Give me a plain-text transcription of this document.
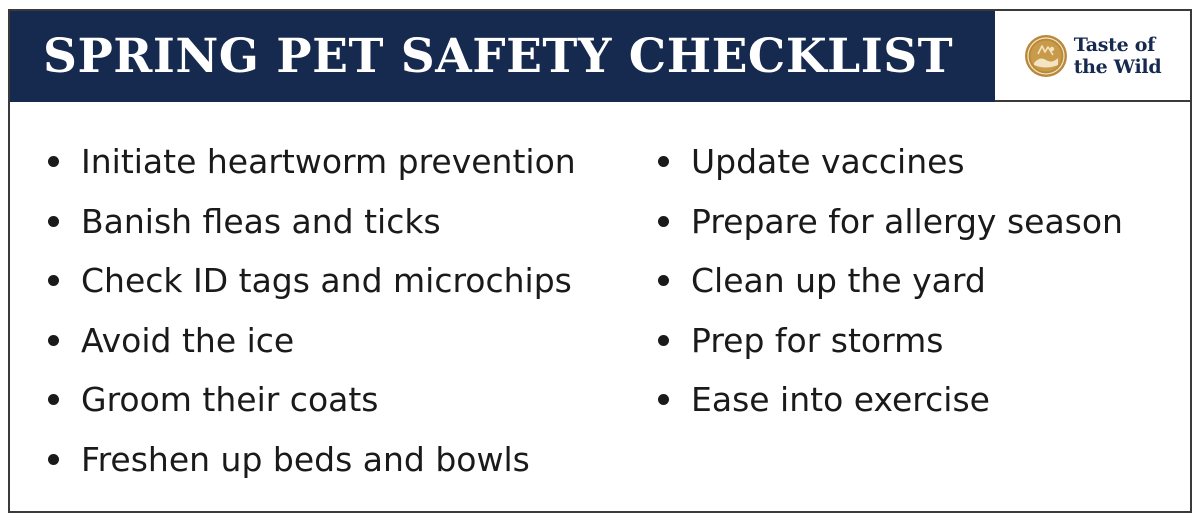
SPRING PET SAFETY CHECKLIST	Taste of
the Wild
Initiate heartworm prevention
Banish fleas and ticks
Check ID tags and microchips
Avoid the ice
Groom their coats
Freshen up beds and bowls
Update vaccines
Prepare for allergy season
Clean up the yard
Prep for storms
Ease into exercise
